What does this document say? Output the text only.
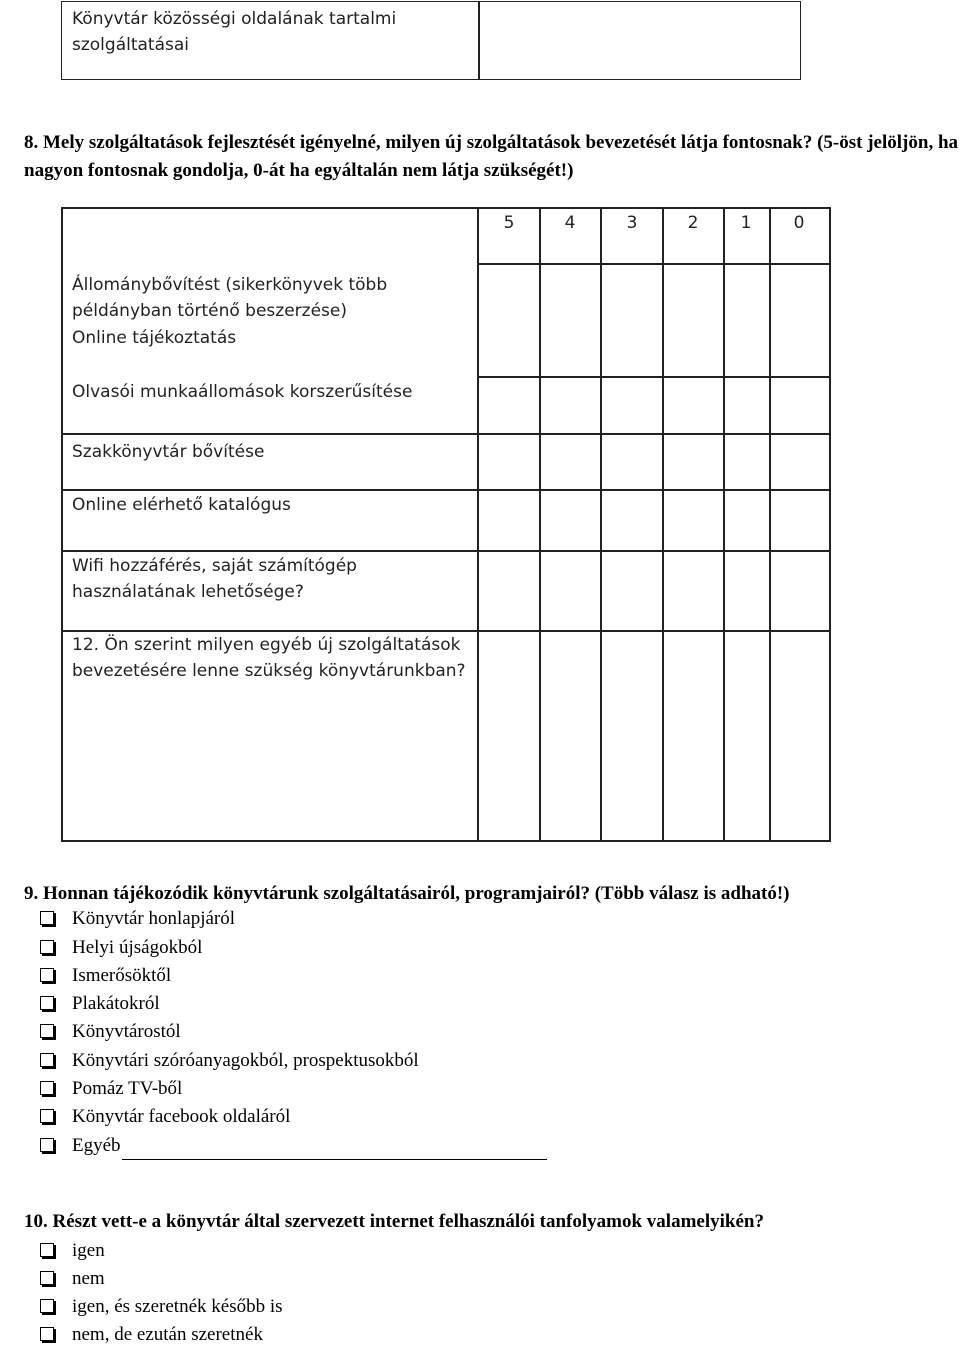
Könyvtár közösségi oldalának tartalmi szolgáltatásai
8. Mely szolgáltatások fejlesztését igényelné, milyen új szolgáltatások bevezetését látja fontosnak? (5-öst jelöljön, ha nagyon fontosnak gondolja, 0-át ha egyáltalán nem látja szükségét!)
5	4	3	2	1	0
Állománybővítést (sikerkönyvek több példányban történő beszerzése)
Online tájékoztatás
Olvasói munkaállomások korszerűsítése
Szakkönyvtár bővítése
Online elérhető katalógus
Wifi hozzáférés, saját számítógép használatának lehetősége?
12. Ön szerint milyen egyéb új szolgáltatások bevezetésére lenne szükség könyvtárunkban?
9. Honnan tájékozódik könyvtárunk szolgáltatásairól, programjairól? (Több válasz is adható!)
Könyvtár honlapjáról
Helyi újságokból
Ismerősöktől
Plakátokról
Könyvtárostól
Könyvtári szóróanyagokból, prospektusokból
Pomáz TV-ből
Könyvtár facebook oldaláról
Egyéb
10. Részt vett-e a könyvtár által szervezett internet felhasználói tanfolyamok valamelyikén?
igen
nem
igen, és szeretnék később is
nem, de ezután szeretnék
